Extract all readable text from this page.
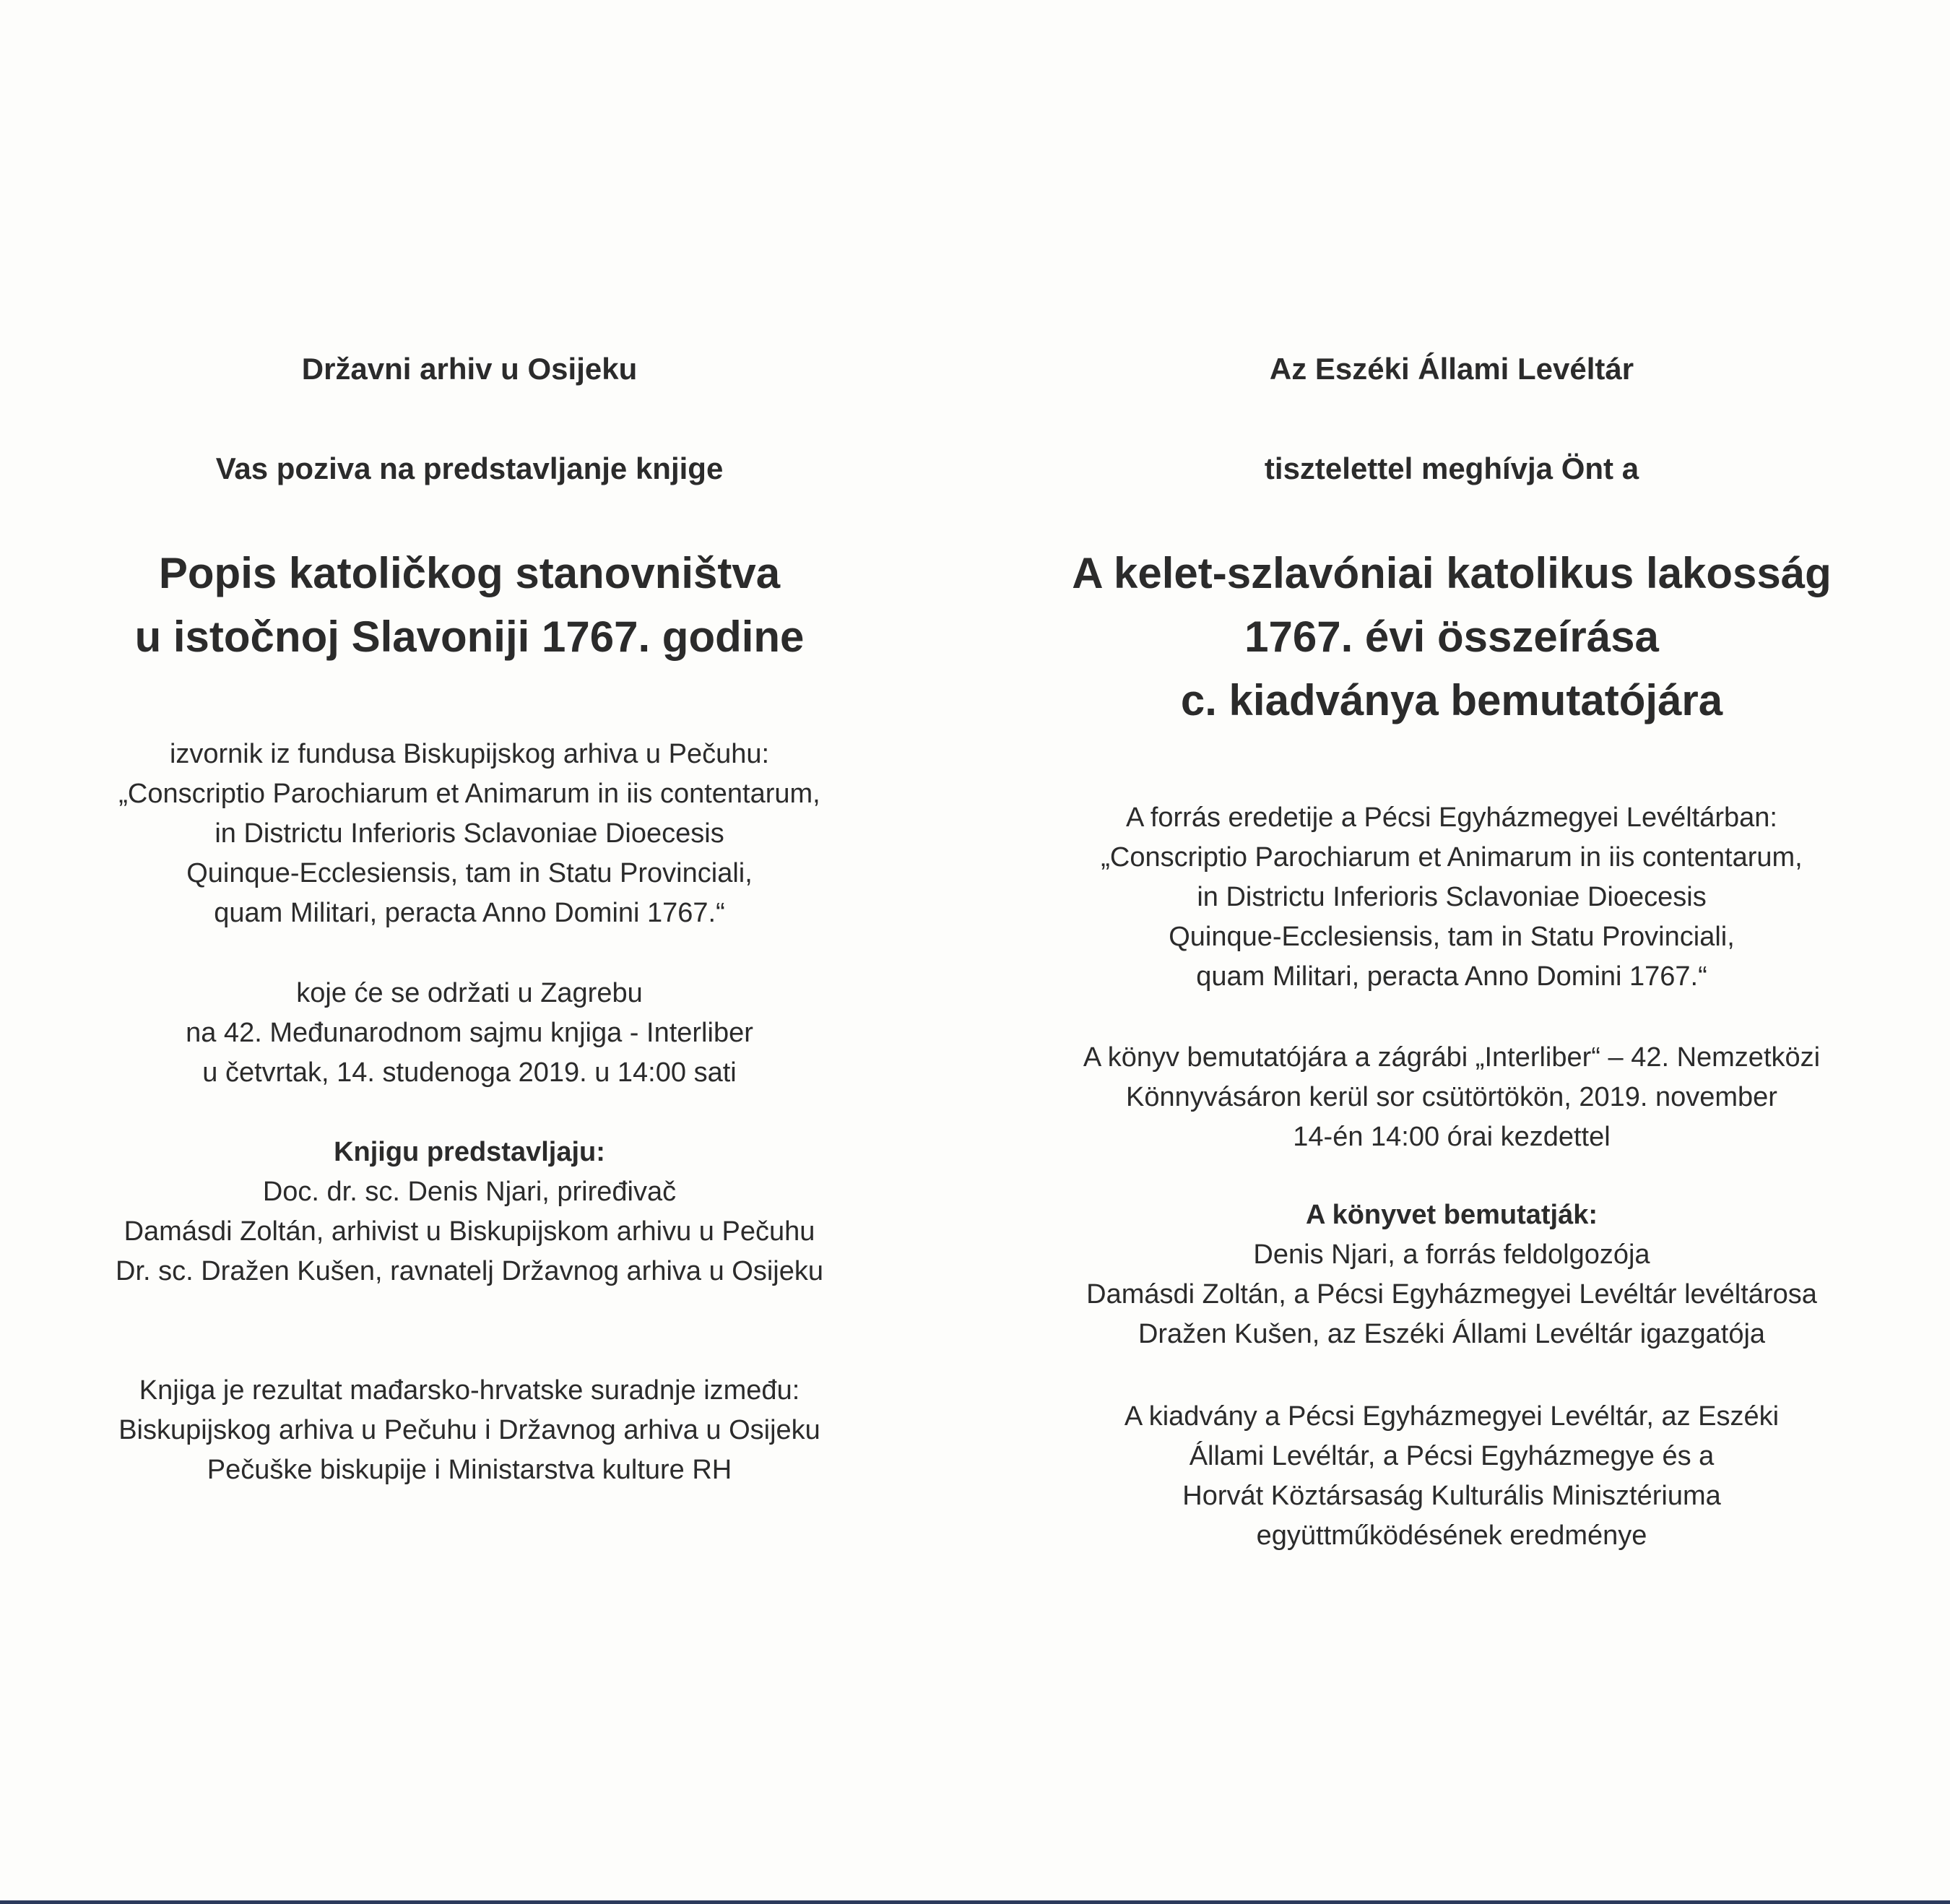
Državni arhiv u Osijeku
Vas poziva na predstavljanje knjige
Popis katoličkog stanovništva
u istočnoj Slavoniji 1767. godine
izvornik iz fundusa Biskupijskog arhiva u Pečuhu:
„Conscriptio Parochiarum et Animarum in iis contentarum,
in Districtu Inferioris Sclavoniae Dioecesis
Quinque-Ecclesiensis, tam in Statu Provinciali,
quam Militari, peracta Anno Domini 1767.“
koje će se održati u Zagrebu
na 42. Međunarodnom sajmu knjiga - Interliber
u četvrtak, 14. studenoga 2019. u 14:00 sati
Knjigu predstavljaju:
Doc. dr. sc. Denis Njari, priređivač
Damásdi Zoltán, arhivist u Biskupijskom arhivu u Pečuhu
Dr. sc. Dražen Kušen, ravnatelj Državnog arhiva u Osijeku
Knjiga je rezultat mađarsko-hrvatske suradnje između:
Biskupijskog arhiva u Pečuhu i Državnog arhiva u Osijeku
Pečuške biskupije i Ministarstva kulture RH
Az Eszéki Állami Levéltár
tisztelettel meghívja Önt a
A kelet-szlavóniai katolikus lakosság
1767. évi összeírása
c. kiadványa bemutatójára
A forrás eredetije a Pécsi Egyházmegyei Levéltárban:
„Conscriptio Parochiarum et Animarum in iis contentarum,
in Districtu Inferioris Sclavoniae Dioecesis
Quinque-Ecclesiensis, tam in Statu Provinciali,
quam Militari, peracta Anno Domini 1767.“
A könyv bemutatójára a zágrábi „Interliber“ – 42. Nemzetközi
Könnyvásáron kerül sor csütörtökön, 2019. november
14-én 14:00 órai kezdettel
A könyvet bemutatják:
Denis Njari, a forrás feldolgozója
Damásdi Zoltán, a Pécsi Egyházmegyei Levéltár levéltárosa
Dražen Kušen, az Eszéki Állami Levéltár igazgatója
A kiadvány a Pécsi Egyházmegyei Levéltár, az Eszéki
Állami Levéltár, a Pécsi Egyházmegye és a
Horvát Köztársaság Kulturális Minisztériuma
együttműködésének eredménye
